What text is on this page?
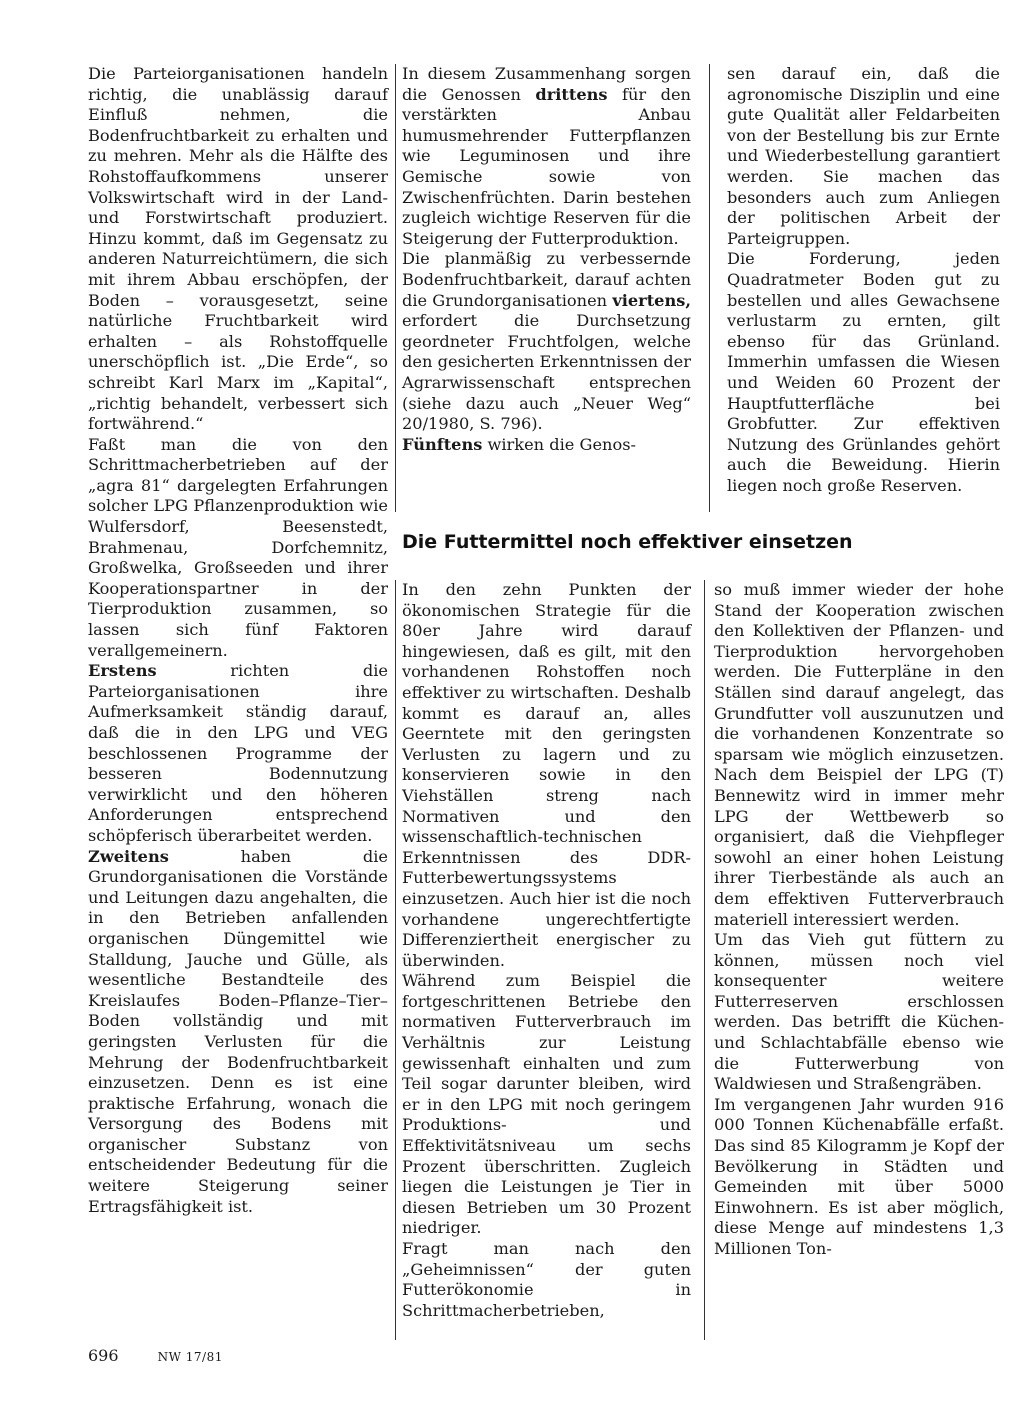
Die Parteiorganisationen handeln richtig, die unablässig darauf Einfluß nehmen, die Bodenfruchtbarkeit zu erhalten und zu mehren. Mehr als die Hälfte des Rohstoffaufkommens unserer Volkswirtschaft wird in der Land- und Forstwirtschaft produziert. Hinzu kommt, daß im Gegensatz zu anderen Naturreichtümern, die sich mit ihrem Abbau erschöpfen, der Boden – vorausgesetzt, seine natürliche Fruchtbarkeit wird erhalten – als Rohstoffquelle unerschöpflich ist. „Die Erde“, so schreibt Karl Marx im „Kapital“, „richtig behandelt, verbessert sich fortwährend.“

Faßt man die von den Schrittmacherbetrieben auf der „agra 81“ dargelegten Erfahrungen solcher LPG Pflanzenproduktion wie Wulfersdorf, Beesenstedt, Brahmenau, Dorfchemnitz, Großwelka, Großseeden und ihrer Kooperationspartner in der Tierproduktion zusammen, so lassen sich fünf Faktoren verallgemeinern.

Erstens richten die Parteiorganisationen ihre Aufmerksamkeit ständig darauf, daß die in den LPG und VEG beschlossenen Programme der besseren Bodennutzung verwirklicht und den höheren Anforderungen entsprechend schöpferisch überarbeitet werden.

Zweitens haben die Grundorganisationen die Vorstände und Leitungen dazu angehalten, die in den Betrieben anfallenden organischen Düngemittel wie Stalldung, Jauche und Gülle, als wesentliche Bestandteile des Kreislaufes Boden–Pflanze–Tier–Boden vollständig und mit geringsten Verlusten für die Mehrung der Bodenfruchtbarkeit einzusetzen. Denn es ist eine praktische Erfahrung, wonach die Versorgung des Bodens mit organischer Substanz von entscheidender Bedeutung für die weitere Steigerung seiner Ertragsfähigkeit ist.

In diesem Zusammenhang sorgen die Genossen drittens für den verstärkten Anbau humusmehrender Futterpflanzen wie Leguminosen und ihre Gemische sowie von Zwischenfrüchten. Darin bestehen zugleich wichtige Reserven für die Steigerung der Futterproduktion.

Die planmäßig zu verbessernde Bodenfruchtbarkeit, darauf achten die Grundorganisationen viertens, erfordert die Durchsetzung geordneter Fruchtfolgen, welche den gesicherten Erkenntnissen der Agrarwissenschaft entsprechen (siehe dazu auch „Neuer Weg“ 20/1980, S. 796).

Fünftens wirken die Genos-

sen darauf ein, daß die agronomische Disziplin und eine gute Qualität aller Feldarbeiten von der Bestellung bis zur Ernte und Wiederbestellung garantiert werden. Sie machen das besonders auch zum Anliegen der politischen Arbeit der Parteigruppen.

Die Forderung, jeden Quadratmeter Boden gut zu bestellen und alles Gewachsene verlustarm zu ernten, gilt ebenso für das Grünland. Immerhin umfassen die Wiesen und Weiden 60 Prozent der Hauptfutterfläche bei Grobfutter. Zur effektiven Nutzung des Grünlandes gehört auch die Beweidung. Hierin liegen noch große Reserven.

Die Futtermittel noch effektiver einsetzen

In den zehn Punkten der ökonomischen Strategie für die 80er Jahre wird darauf hingewiesen, daß es gilt, mit den vorhandenen Rohstoffen noch effektiver zu wirtschaften. Deshalb kommt es darauf an, alles Geerntete mit den geringsten Verlusten zu lagern und zu konservieren sowie in den Viehställen streng nach Normativen und den wissenschaftlich-technischen Erkenntnissen des DDR-Futterbewertungssystems einzusetzen. Auch hier ist die noch vorhandene ungerechtfertigte Differenziertheit energischer zu überwinden.

Während zum Beispiel die fortgeschrittenen Betriebe den normativen Futterverbrauch im Verhältnis zur Leistung gewissenhaft einhalten und zum Teil sogar darunter bleiben, wird er in den LPG mit noch geringem Produktions- und Effektivitätsniveau um sechs Prozent überschritten. Zugleich liegen die Leistungen je Tier in diesen Betrieben um 30 Prozent niedriger.

Fragt man nach den „Geheimnissen“ der guten Futterökonomie in Schrittmacherbetrieben,

so muß immer wieder der hohe Stand der Kooperation zwischen den Kollektiven der Pflanzen- und Tierproduktion hervorgehoben werden. Die Futterpläne in den Ställen sind darauf angelegt, das Grundfutter voll auszunutzen und die vorhandenen Konzentrate so sparsam wie möglich einzusetzen. Nach dem Beispiel der LPG (T) Bennewitz wird in immer mehr LPG der Wettbewerb so organisiert, daß die Viehpfleger sowohl an einer hohen Leistung ihrer Tierbestände als auch an dem effektiven Futterverbrauch materiell interessiert werden.

Um das Vieh gut füttern zu können, müssen noch viel konsequenter weitere Futterreserven erschlossen werden. Das betrifft die Küchen- und Schlachtabfälle ebenso wie die Futterwerbung von Waldwiesen und Straßengräben.

Im vergangenen Jahr wurden 916 000 Tonnen Küchenabfälle erfaßt. Das sind 85 Kilogramm je Kopf der Bevölkerung in Städten und Gemeinden mit über 5000 Einwohnern. Es ist aber möglich, diese Menge auf mindestens 1,3 Millionen Ton-

696	NW 17/81
